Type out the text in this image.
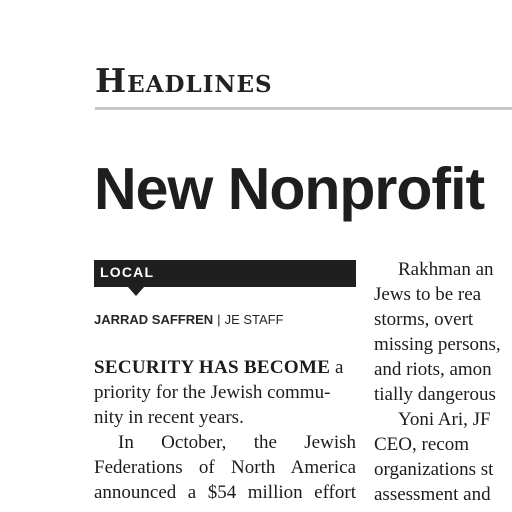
Headlines
New Nonprofit
LOCAL
JARRAD SAFFREN | JE STAFF
SECURITY HAS BECOME a
priority for the Jewish commu-
nity in recent years.
In October, the Jewish
Federations of North America
announced a $54 million effort
Rakhman an
Jews to be rea
storms, overt
missing persons,
and riots, amon
tially dangerous
Yoni Ari, JF
CEO, recom
organizations st
assessment and
